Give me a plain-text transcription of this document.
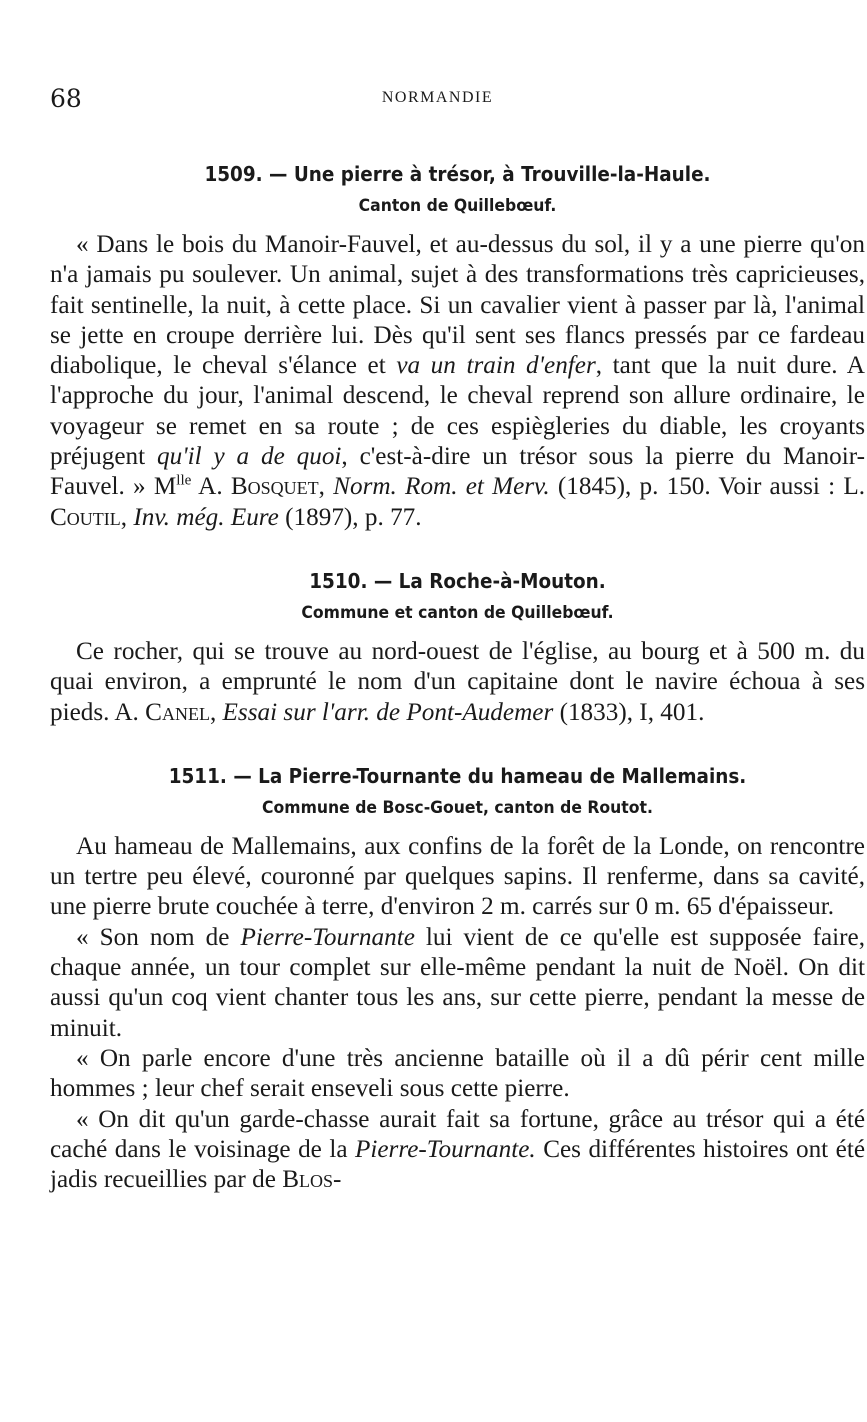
68	NORMANDIE
1509. — Une pierre à trésor, à Trouville-la-Haule.
Canton de Quillebœuf.

« Dans le bois du Manoir-Fauvel, et au-dessus du sol, il y a une pierre qu'on n'a jamais pu soulever. Un animal, sujet à des transformations très capricieuses, fait sentinelle, la nuit, à cette place. Si un cavalier vient à passer par là, l'animal se jette en croupe derrière lui. Dès qu'il sent ses flancs pressés par ce fardeau diabolique, le cheval s'élance et va un train d'enfer, tant que la nuit dure. A l'approche du jour, l'animal descend, le cheval reprend son allure ordinaire, le voyageur se remet en sa route ; de ces espiègleries du diable, les croyants préjugent qu'il y a de quoi, c'est-à-dire un trésor sous la pierre du Manoir-Fauvel. » $M^{lle}$ A. Bosquet, Norm. Rom. et Merv. (1845), p. 150. Voir aussi : L. Coutil, Inv. még. Eure (1897), p. 77.

1510. — La Roche-à-Mouton.
Commune et canton de Quillebœuf.

Ce rocher, qui se trouve au nord-ouest de l'église, au bourg et à 500 m. du quai environ, a emprunté le nom d'un capitaine dont le navire échoua à ses pieds. A. Canel, Essai sur l'arr. de Pont-Audemer (1833), I, 401.

1511. — La Pierre-Tournante du hameau de Mallemains.
Commune de Bosc-Gouet, canton de Routot.

Au hameau de Mallemains, aux confins de la forêt de la Londe, on rencontre un tertre peu élevé, couronné par quelques sapins. Il renferme, dans sa cavité, une pierre brute couchée à terre, d'environ 2 m. carrés sur 0 m. 65 d'épaisseur.

« Son nom de Pierre-Tournante lui vient de ce qu'elle est supposée faire, chaque année, un tour complet sur elle-même pendant la nuit de Noël. On dit aussi qu'un coq vient chanter tous les ans, sur cette pierre, pendant la messe de minuit.

« On parle encore d'une très ancienne bataille où il a dû périr cent mille hommes ; leur chef serait enseveli sous cette pierre.

« On dit qu'un garde-chasse aurait fait sa fortune, grâce au trésor qui a été caché dans le voisinage de la Pierre-Tournante. Ces différentes histoires ont été jadis recueillies par de Blos-
